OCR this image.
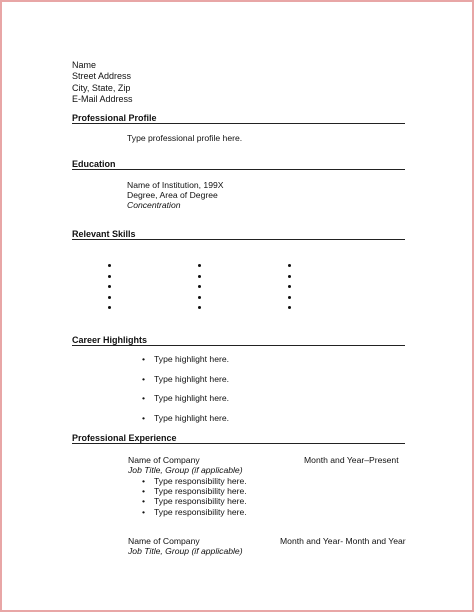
Name
Street Address
City, State, Zip
E-Mail Address
Professional Profile
Type professional profile here.
Education
Name of Institution, 199X
Degree, Area of Degree
Concentration
Relevant Skills
Career Highlights
• Type highlight here.
• Type highlight here.
• Type highlight here.
• Type highlight here.
Professional Experience
Name of Company	Month and Year–Present
Job Title, Group (if applicable)
• Type responsibility here.
• Type responsibility here.
• Type responsibility here.
• Type responsibility here.
Name of Company	Month and Year- Month and Year
Job Title, Group (if applicable)
